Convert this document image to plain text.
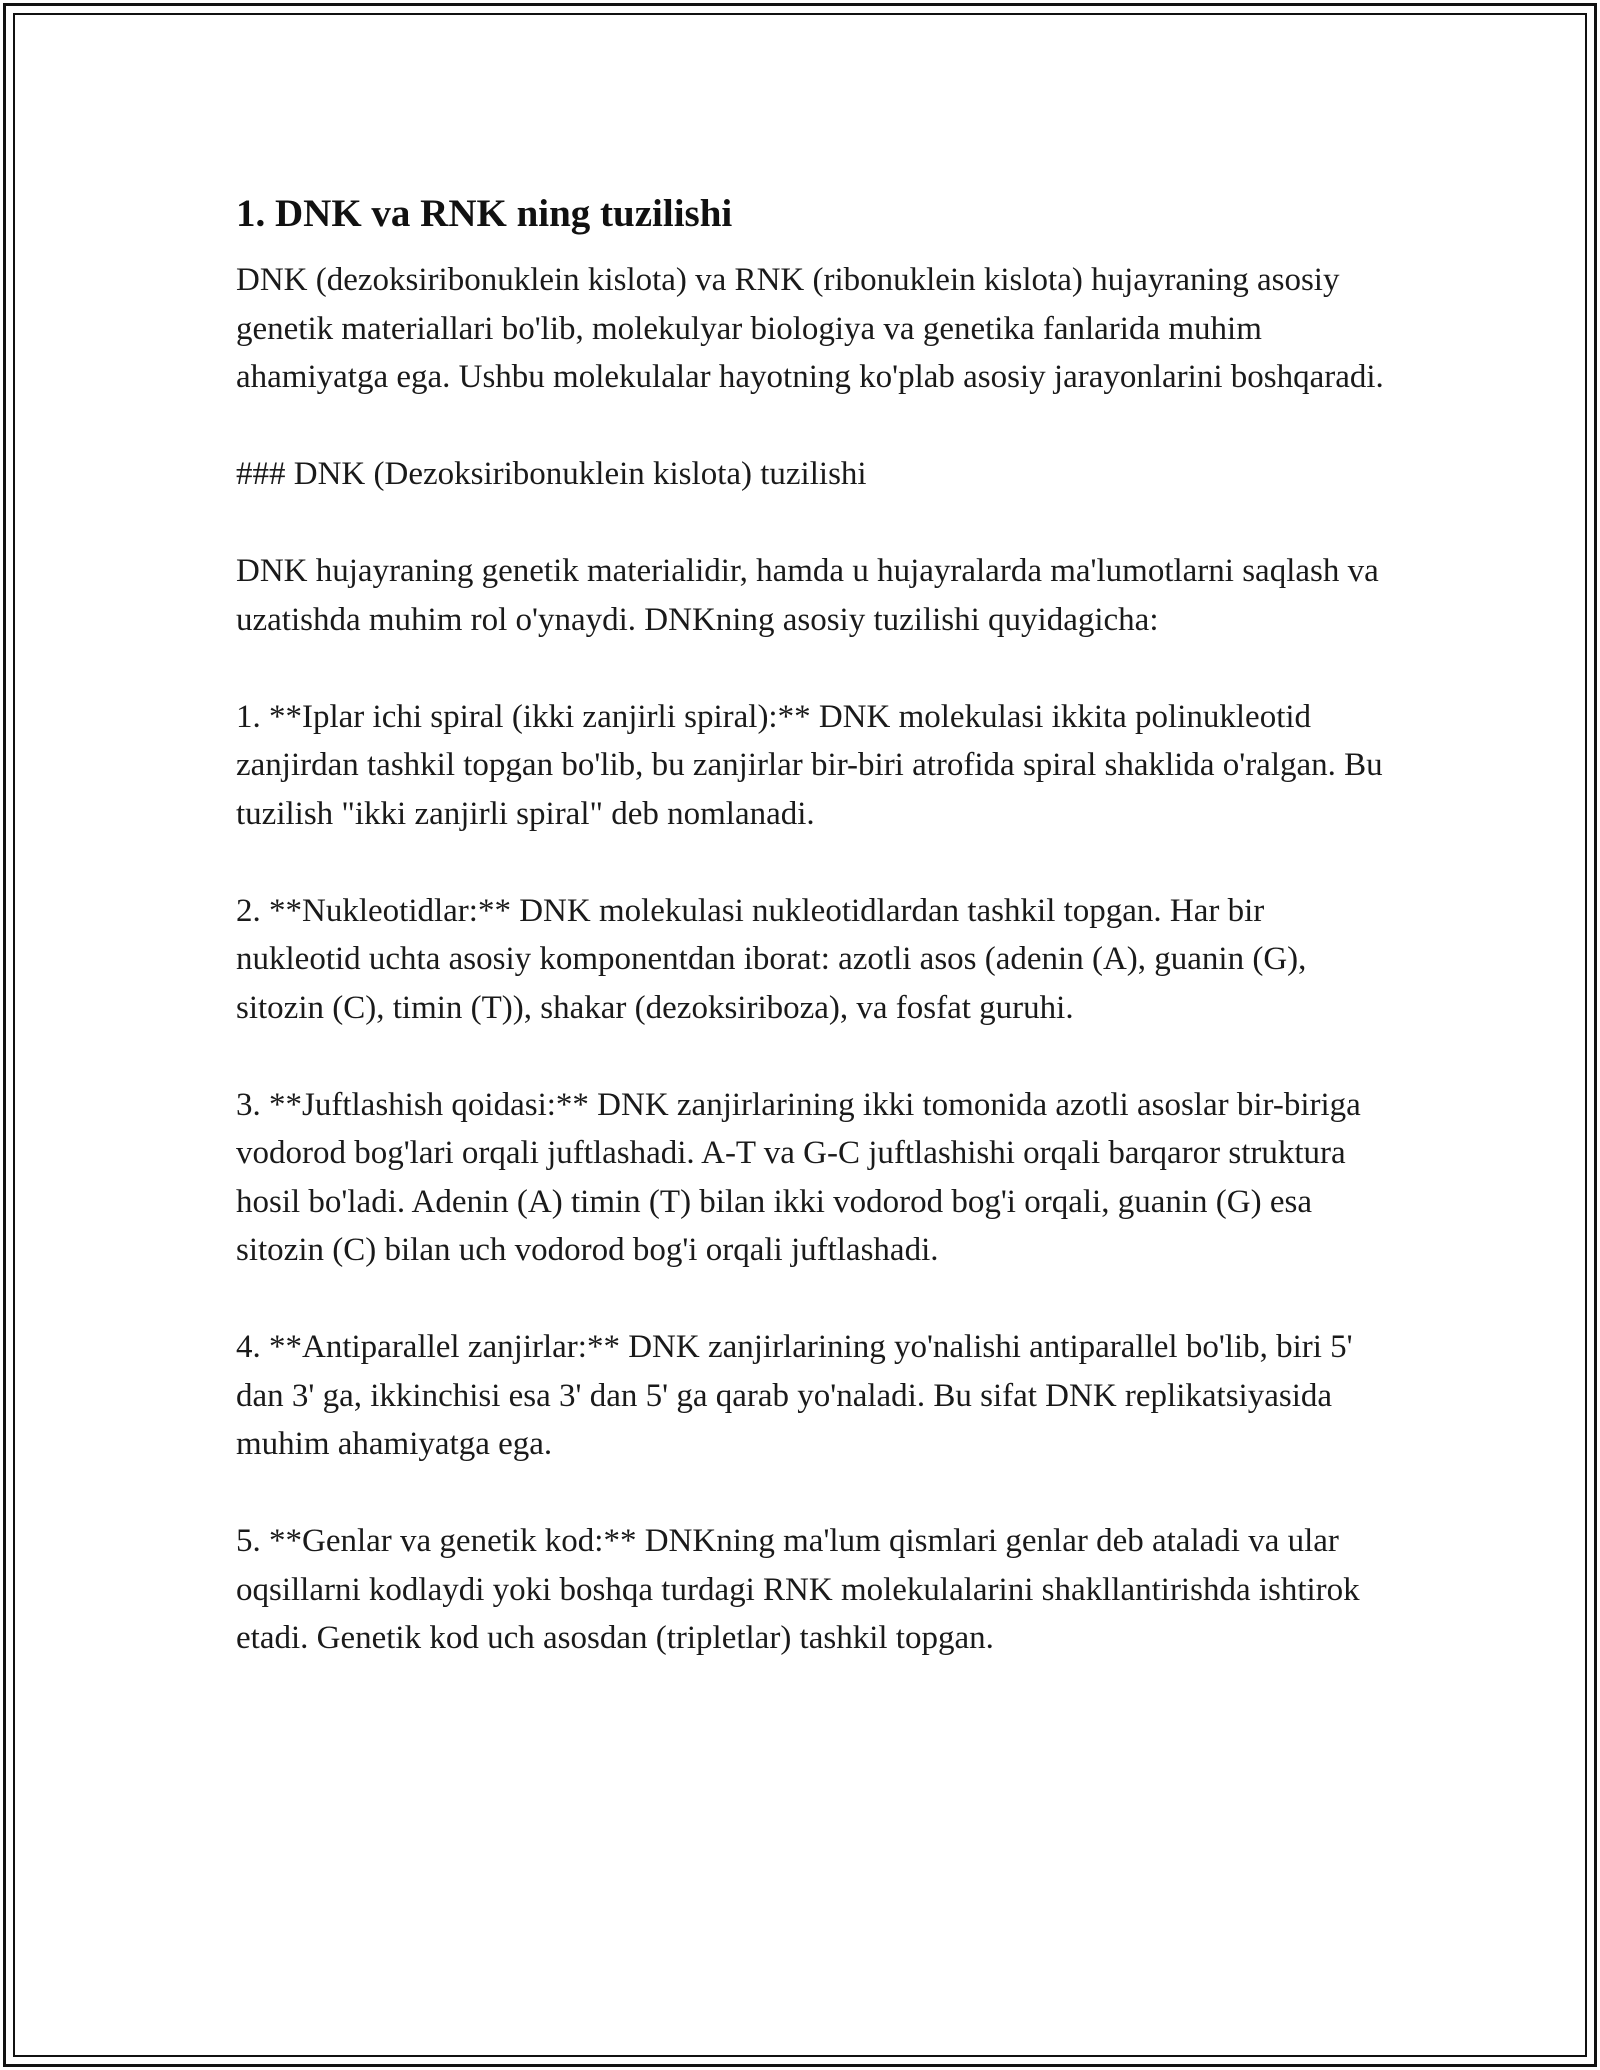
1. DNK va RNK ning tuzilishi

DNK (dezoksiribonuklein kislota) va RNK (ribonuklein kislota) hujayraning asosiy genetik materiallari bo'lib, molekulyar biologiya va genetika fanlarida muhim ahamiyatga ega. Ushbu molekulalar hayotning ko'plab asosiy jarayonlarini boshqaradi.

### DNK (Dezoksiribonuklein kislota) tuzilishi

DNK hujayraning genetik materialidir, hamda u hujayralarda ma'lumotlarni saqlash va uzatishda muhim rol o'ynaydi. DNKning asosiy tuzilishi quyidagicha:

1. **Iplar ichi spiral (ikki zanjirli spiral):** DNK molekulasi ikkita polinukleotid zanjirdan tashkil topgan bo'lib, bu zanjirlar bir-biri atrofida spiral shaklida o'ralgan. Bu tuzilish "ikki zanjirli spiral" deb nomlanadi.

2. **Nukleotidlar:** DNK molekulasi nukleotidlardan tashkil topgan. Har bir nukleotid uchta asosiy komponentdan iborat: azotli asos (adenin (A), guanin (G), sitozin (C), timin (T)), shakar (dezoksiriboza), va fosfat guruhi.

3. **Juftlashish qoidasi:** DNK zanjirlarining ikki tomonida azotli asoslar bir-biriga vodorod bog'lari orqali juftlashadi. A-T va G-C juftlashishi orqali barqaror struktura hosil bo'ladi. Adenin (A) timin (T) bilan ikki vodorod bog'i orqali, guanin (G) esa sitozin (C) bilan uch vodorod bog'i orqali juftlashadi.

4. **Antiparallel zanjirlar:** DNK zanjirlarining yo'nalishi antiparallel bo'lib, biri 5' dan 3' ga, ikkinchisi esa 3' dan 5' ga qarab yo'naladi. Bu sifat DNK replikatsiyasida muhim ahamiyatga ega.

5. **Genlar va genetik kod:** DNKning ma'lum qismlari genlar deb ataladi va ular oqsillarni kodlaydi yoki boshqa turdagi RNK molekulalarini shakllantirishda ishtirok etadi. Genetik kod uch asosdan (tripletlar) tashkil topgan.
